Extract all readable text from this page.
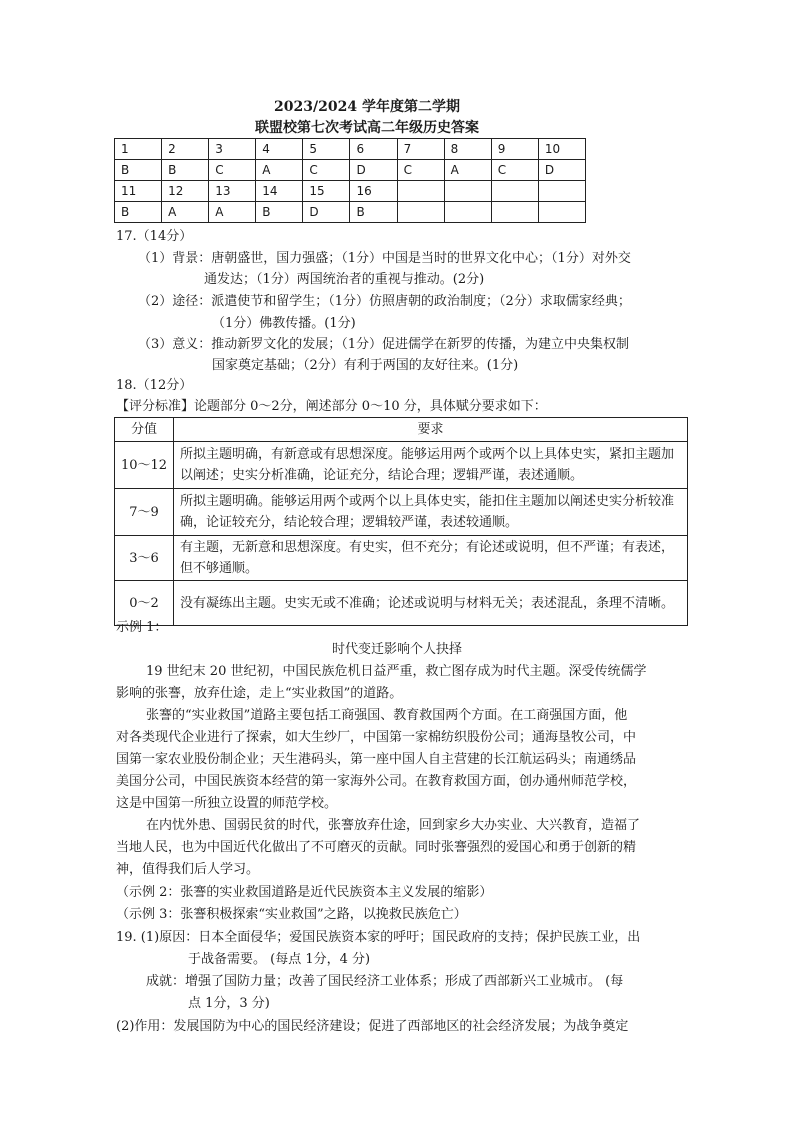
2023/2024 学年度第二学期
联盟校第七次考试高二年级历史答案
1	2	3	4	5	6	7	8	9	10
B	B	C	A	C	D	C	A	C	D
11	12	13	14	15	16				
B	A	A	B	D	B				
17.（14分）
（1）背景：唐朝盛世，国力强盛；（1分）中国是当时的世界文化中心；（1分）对外交
通发达；（1分）两国统治者的重视与推动。(2分)
（2）途径：派遣使节和留学生；（1分）仿照唐朝的政治制度；（2分）求取儒家经典；
（1分）佛教传播。(1分)
（3）意义：推动新罗文化的发展；（1分）促进儒学在新罗的传播，为建立中央集权制
国家奠定基础；（2分）有利于两国的友好往来。(1分)
18.（12分）
【评分标准】论题部分 0～2分，阐述部分 0～10 分，具体赋分要求如下：
分值	要求
10～12	所拟主题明确，有新意或有思想深度。能够运用两个或两个以上具体史实，紧扣主题加以阐述；史实分析准确，论证充分，结论合理；逻辑严谨，表述通顺。
7～9	所拟主题明确。能够运用两个或两个以上具体史实，能扣住主题加以阐述史实分析较准确，论证较充分，结论较合理；逻辑较严谨，表述较通顺。
3～6	有主题，无新意和思想深度。有史实，但不充分；有论述或说明，但不严谨；有表述，但不够通顺。
0～2	没有凝练出主题。史实无或不准确；论述或说明与材料无关；表述混乱，条理不清晰。
示例 1：
时代变迁影响个人抉择
19 世纪末 20 世纪初，中国民族危机日益严重，救亡图存成为时代主题。深受传统儒学
影响的张謇，放弃仕途，走上“实业救国”的道路。
张謇的“实业救国”道路主要包括工商强国、教育救国两个方面。在工商强国方面，他
对各类现代企业进行了探索，如大生纱厂，中国第一家棉纺织股份公司；通海垦牧公司，中
国第一家农业股份制企业；天生港码头，第一座中国人自主营建的长江航运码头；南通绣品
美国分公司，中国民族资本经营的第一家海外公司。在教育救国方面，创办通州师范学校，
这是中国第一所独立设置的师范学校。
在内忧外患、国弱民贫的时代，张謇放弃仕途，回到家乡大办实业、大兴教育，造福了
当地人民，也为中国近代化做出了不可磨灭的贡献。同时张謇强烈的爱国心和勇于创新的精
神，值得我们后人学习。
（示例 2：张謇的实业救国道路是近代民族资本主义发展的缩影）
（示例 3：张謇积极探索“实业救国”之路，以挽救民族危亡）
19. (1)原因：日本全面侵华；爱国民族资本家的呼吁；国民政府的支持；保护民族工业，出
于战备需要。 (每点 1分，4 分)
成就：增强了国防力量；改善了国民经济工业体系；形成了西部新兴工业城市。 (每
点 1分，3 分)
(2)作用：发展国防为中心的国民经济建设；促进了西部地区的社会经济发展；为战争奠定
